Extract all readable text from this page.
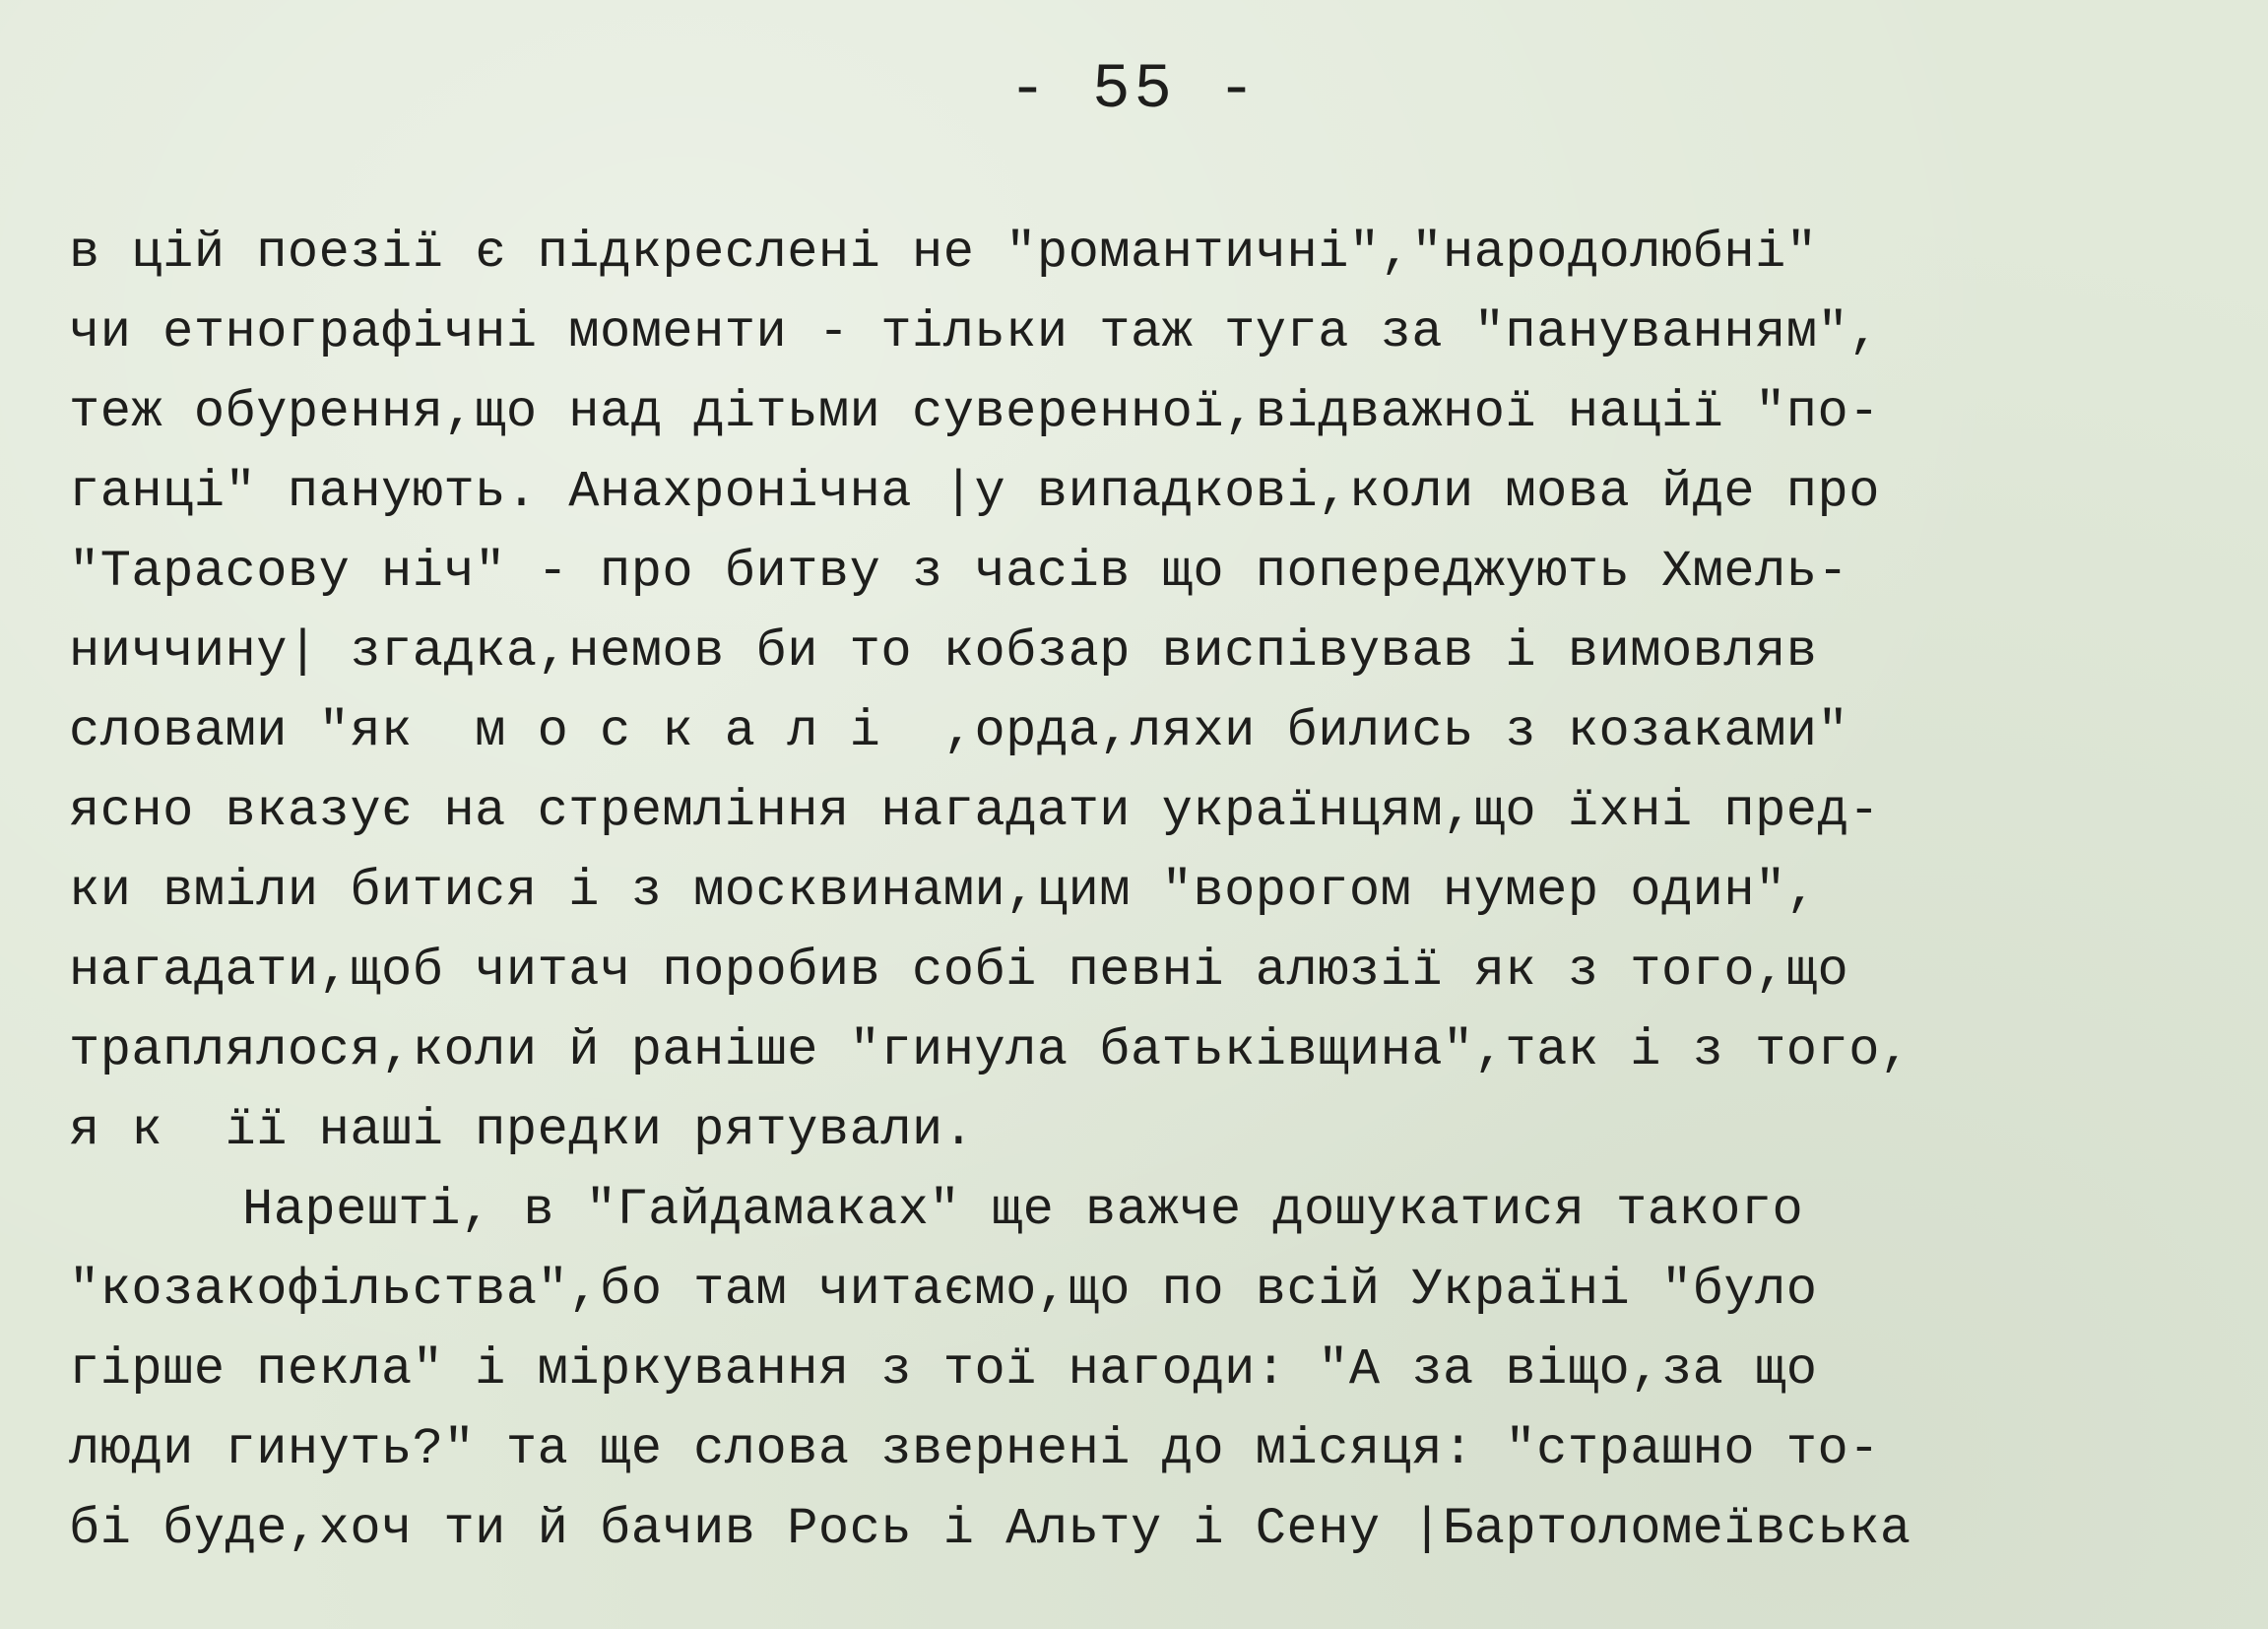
- 55 -
в цій поезії є підкреслені не "романтичні","народолюбні"
чи етнографічні моменти - тільки таж туга за "пануванням",
теж обурення,що над дітьми суверенної,відважної нації "по-
ганці" панують. Анахронічна |у випадкові,коли мова йде про
"Тарасову ніч" - про битву з часів що попереджують Хмель-
ниччину| згадка,немов би то кобзар виспівував і вимовляв
словами "як  м о с к а л і  ,орда,ляхи бились з козаками"
ясно вказує на стремління нагадати українцям,що їхні пред-
ки вміли битися і з москвинами,цим "ворогом нумер один",
нагадати,щоб читач поробив собі певні алюзії як з того,що
траплялося,коли й раніше "гинула батьківщина",так і з того,
я к  її наші предки рятували.
Нарешті, в "Гайдамаках" ще важче дошукатися такого
"козакофільства",бо там читаємо,що по всій Україні "було
гірше пекла" і міркування з тої нагоди: "А за віщо,за що
люди гинуть?" та ще слова звернені до місяця: "страшно то-
бі буде,хоч ти й бачив Рось і Альту і Сену |Бартоломеївська
